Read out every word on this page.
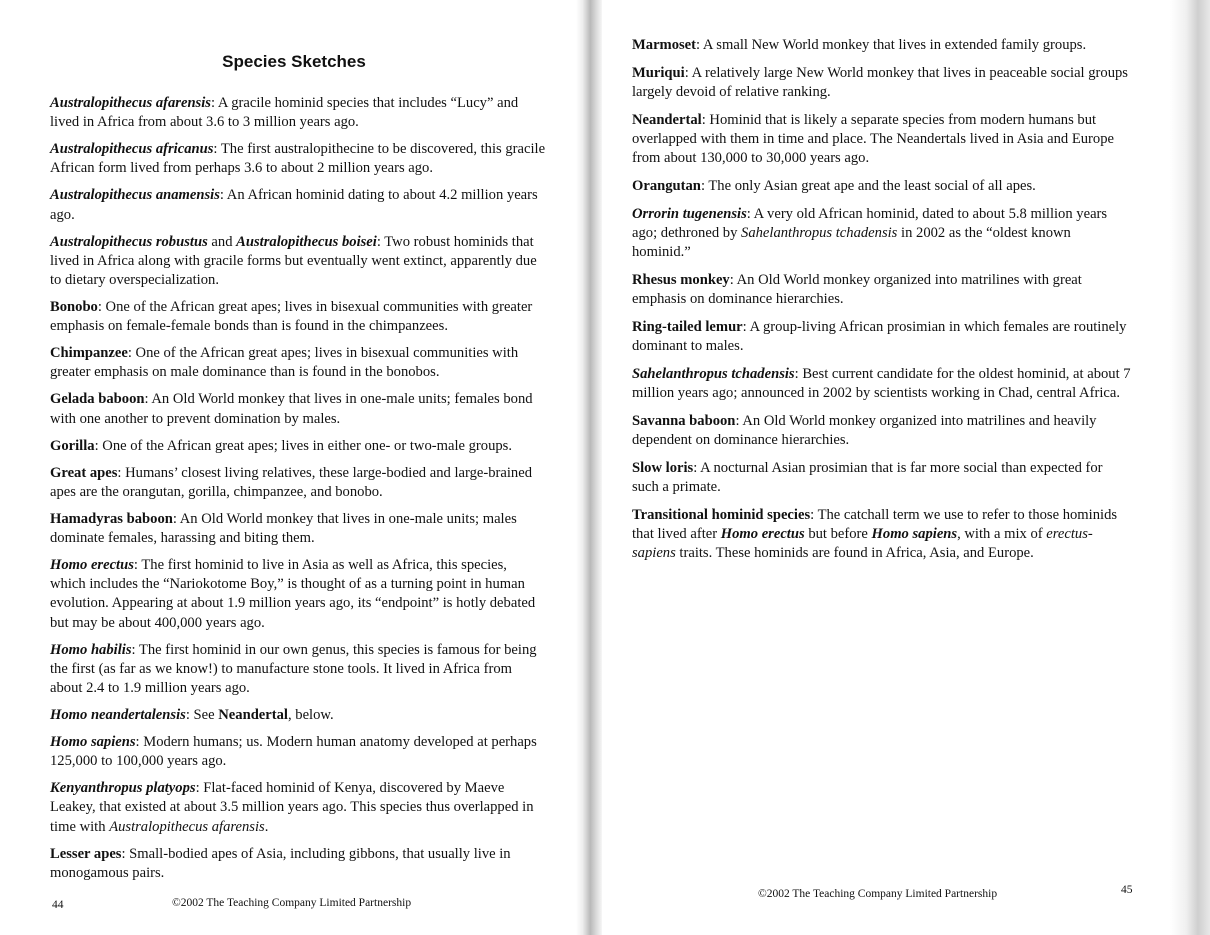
Species Sketches

Australopithecus afarensis: A gracile hominid species that includes “Lucy” and lived in Africa from about 3.6 to 3 million years ago.

Australopithecus africanus: The first australopithecine to be discovered, this gracile African form lived from perhaps 3.6 to about 2 million years ago.

Australopithecus anamensis: An African hominid dating to about 4.2 million years ago.

Australopithecus robustus and Australopithecus boisei: Two robust hominids that lived in Africa along with gracile forms but eventually went extinct, apparently due to dietary overspecialization.

Bonobo: One of the African great apes; lives in bisexual communities with greater emphasis on female-female bonds than is found in the chimpanzees.

Chimpanzee: One of the African great apes; lives in bisexual communities with greater emphasis on male dominance than is found in the bonobos.

Gelada baboon: An Old World monkey that lives in one-male units; females bond with one another to prevent domination by males.

Gorilla: One of the African great apes; lives in either one- or two-male groups.

Great apes: Humans’ closest living relatives, these large-bodied and large-brained apes are the orangutan, gorilla, chimpanzee, and bonobo.

Hamadyras baboon: An Old World monkey that lives in one-male units; males dominate females, harassing and biting them.

Homo erectus: The first hominid to live in Asia as well as Africa, this species, which includes the “Nariokotome Boy,” is thought of as a turning point in human evolution. Appearing at about 1.9 million years ago, its “endpoint” is hotly debated but may be about 400,000 years ago.

Homo habilis: The first hominid in our own genus, this species is famous for being the first (as far as we know!) to manufacture stone tools. It lived in Africa from about 2.4 to 1.9 million years ago.

Homo neandertalensis: See Neandertal, below.

Homo sapiens: Modern humans; us. Modern human anatomy developed at perhaps 125,000 to 100,000 years ago.

Kenyanthropus platyops: Flat-faced hominid of Kenya, discovered by Maeve Leakey, that existed at about 3.5 million years ago. This species thus overlapped in time with Australopithecus afarensis.

Lesser apes: Small-bodied apes of Asia, including gibbons, that usually live in monogamous pairs.

44	©2002 The Teaching Company Limited Partnership

Marmoset: A small New World monkey that lives in extended family groups.

Muriqui: A relatively large New World monkey that lives in peaceable social groups largely devoid of relative ranking.

Neandertal: Hominid that is likely a separate species from modern humans but overlapped with them in time and place. The Neandertals lived in Asia and Europe from about 130,000 to 30,000 years ago.

Orangutan: The only Asian great ape and the least social of all apes.

Orrorin tugenensis: A very old African hominid, dated to about 5.8 million years ago; dethroned by Sahelanthropus tchadensis in 2002 as the “oldest known hominid.”

Rhesus monkey: An Old World monkey organized into matrilines with great emphasis on dominance hierarchies.

Ring-tailed lemur: A group-living African prosimian in which females are routinely dominant to males.

Sahelanthropus tchadensis: Best current candidate for the oldest hominid, at about 7 million years ago; announced in 2002 by scientists working in Chad, central Africa.

Savanna baboon: An Old World monkey organized into matrilines and heavily dependent on dominance hierarchies.

Slow loris: A nocturnal Asian prosimian that is far more social than expected for such a primate.

Transitional hominid species: The catchall term we use to refer to those hominids that lived after Homo erectus but before Homo sapiens, with a mix of erectus-sapiens traits. These hominids are found in Africa, Asia, and Europe.

©2002 The Teaching Company Limited Partnership	45
